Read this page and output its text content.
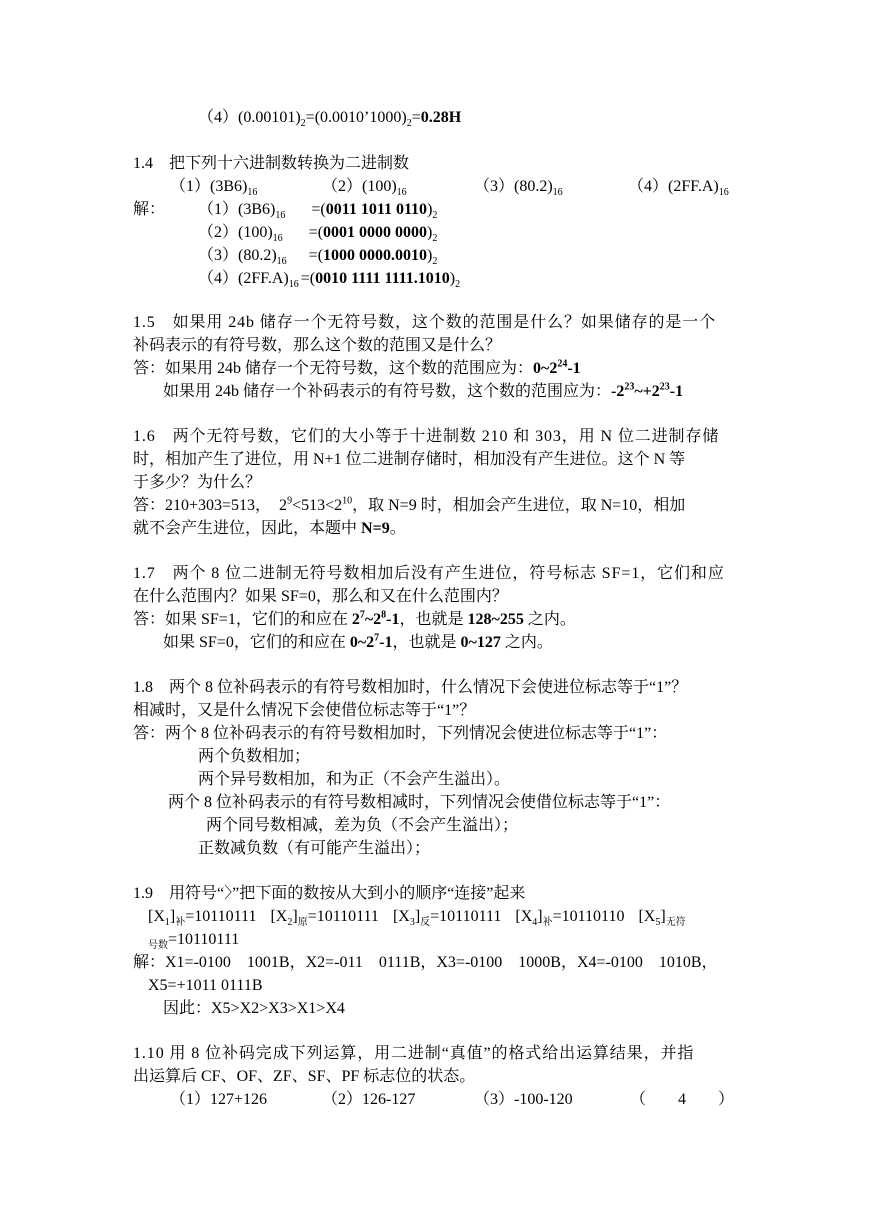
$(4)(0.00101)_2=(0.0010’1000)_2=0.28H$
1.4　把下列十六进制数转换为二进制数
$(1)(3B6)_{16}$	$(2)(100)_{16}$	$(3)(80.2)_{16}$	$(4)(2FF.A)_{16}$
解： $(1)(3B6)_{16} =(0011$ 1011 $0110)_2$
$(2)(100)_{16} =(0001$ 0000 $0000)_2$
$(3)(80.2)_{16} =(1000$ $0000.0010)_2$
$(4)(2FF.A)_{16} =(0010$ 1111 $1111.1010)_2$
1.5　如果用 24b 储存一个无符号数，这个数的范围是什么？如果储存的是一个
补码表示的有符号数，那么这个数的范围又是什么？
答：如果用 24b 储存一个无符号数，这个数的范围应为：$0\sim 2^{24}-1$
如果用 24b 储存一个补码表示的有符号数，这个数的范围应为：$-2^{23}\sim+2^{23}-1$
1.6　两个无符号数，它们的大小等于十进制数 210 和 303，用 N 位二进制存储
时，相加产生了进位，用 N+1 位二进制存储时，相加没有产生进位。这个 N 等
于多少？为什么？
答：210+303=513，　$2^9<513<2^{10}$，取 N=9 时，相加会产生进位，取 N=10，相加
就不会产生进位，因此，本题中 N=9。
1.7　两个 8 位二进制无符号数相加后没有产生进位，符号标志 SF=1，它们和应
在什么范围内？如果 SF=0，那么和又在什么范围内？
答：如果 SF=1，它们的和应在 $2^7\sim 2^8-1$，也就是 128~255 之内。
如果 SF=0，它们的和应在 $0\sim 2^7-1$，也就是 0~127 之内。
1.8　两个 8 位补码表示的有符号数相加时，什么情况下会使进位标志等于“1”？
相减时，又是什么情况下会使借位标志等于“1”？
答：两个 8 位补码表示的有符号数相加时，下列情况会使进位标志等于“1”：
两个负数相加；
两个异号数相加，和为正（不会产生溢出）。
两个 8 位补码表示的有符号数相减时，下列情况会使借位标志等于“1”：
两个同号数相减，差为负（不会产生溢出）；
正数减负数（有可能产生溢出）；
1.9　用符号“〉”把下面的数按从大到小的顺序“连接”起来
$[X_1]_补=10110111$ $[X_2]_原=10110111$ $[X_3]_反=10110111$ $[X_4]_补=10110110$ $[X_5]_{无符}$
$_{号数}$=10110111
解：X1=-0100　1001B，X2=-011　0111B，X3=-0100　1000B，X4=-0100　1010B，
X5=+1011 0111B
因此：X5>X2>X3>X1>X4
1.10 用 8 位补码完成下列运算，用二进制“真值”的格式给出运算结果，并指
出运算后 CF、OF、ZF、SF、PF 标志位的状态。
（1）127+126	（2）126-127	（3）-100-120	（　　4　　）
